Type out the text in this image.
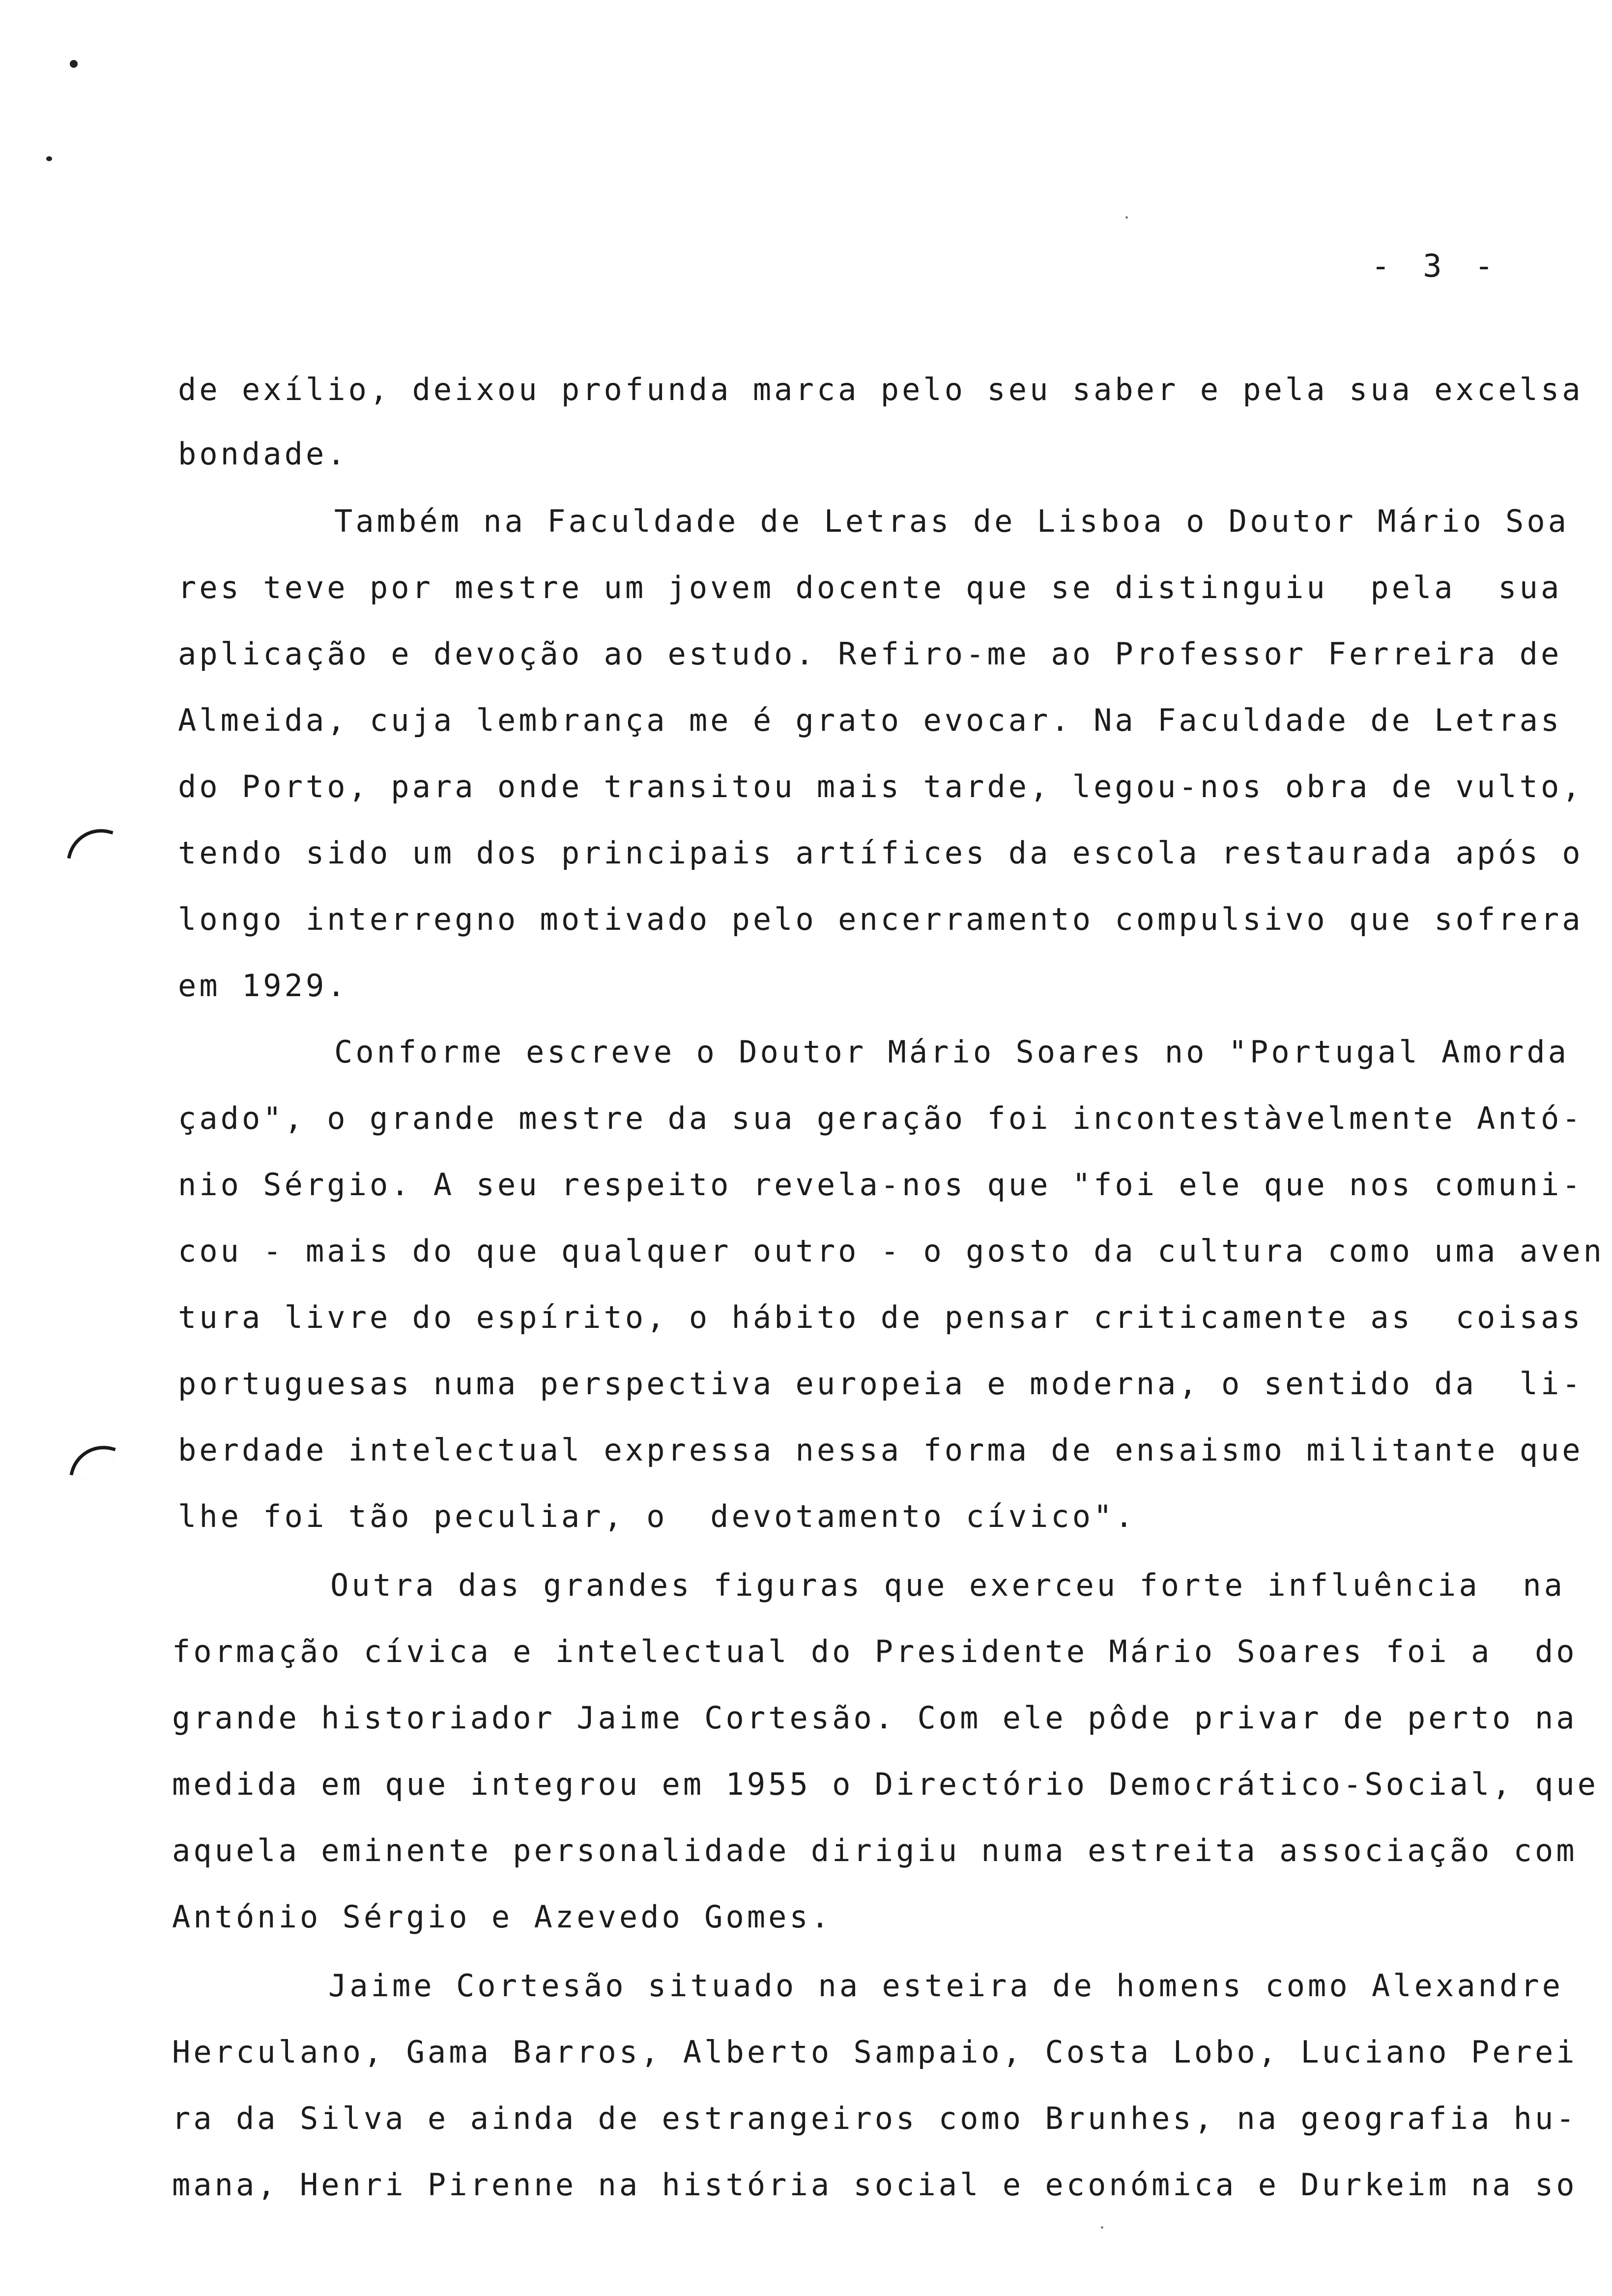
- 3 -
de exílio, deixou profunda marca pelo seu saber e pela sua excelsa
bondade.
Também na Faculdade de Letras de Lisboa o Doutor Mário Soa
res teve por mestre um jovem docente que se distinguiu  pela  sua
aplicação e devoção ao estudo. Refiro-me ao Professor Ferreira de
Almeida, cuja lembrança me é grato evocar. Na Faculdade de Letras
do Porto, para onde transitou mais tarde, legou-nos obra de vulto,
tendo sido um dos principais artífices da escola restaurada após o
longo interregno motivado pelo encerramento compulsivo que sofrera
em 1929.
Conforme escreve o Doutor Mário Soares no "Portugal Amorda
çado", o grande mestre da sua geração foi incontestàvelmente Antó-
nio Sérgio. A seu respeito revela-nos que "foi ele que nos comuni-
cou - mais do que qualquer outro - o gosto da cultura como uma aven
tura livre do espírito, o hábito de pensar criticamente as  coisas
portuguesas numa perspectiva europeia e moderna, o sentido da  li-
berdade intelectual expressa nessa forma de ensaismo militante que
lhe foi tão peculiar, o  devotamento cívico".
Outra das grandes figuras que exerceu forte influência  na
formação cívica e intelectual do Presidente Mário Soares foi a  do
grande historiador Jaime Cortesão. Com ele pôde privar de perto na
medida em que integrou em 1955 o Directório Democrático-Social, que
aquela eminente personalidade dirigiu numa estreita associação com
António Sérgio e Azevedo Gomes.
Jaime Cortesão situado na esteira de homens como Alexandre
Herculano, Gama Barros, Alberto Sampaio, Costa Lobo, Luciano Perei
ra da Silva e ainda de estrangeiros como Brunhes, na geografia hu-
mana, Henri Pirenne na história social e económica e Durkeim na so
